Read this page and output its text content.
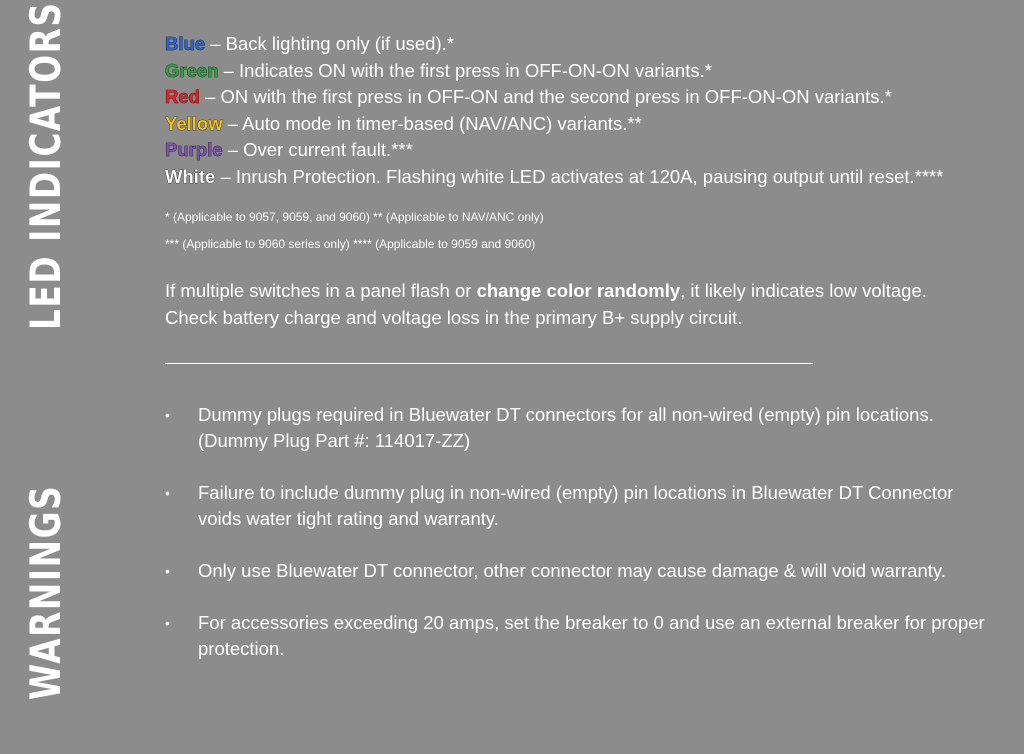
LED INDICATORS
WARNINGS
Blue – Back lighting only (if used).*
Green – Indicates ON with the first press in OFF-ON-ON variants.*
Red – ON with the first press in OFF-ON and the second press in OFF-ON-ON variants.*
Yellow – Auto mode in timer-based (NAV/ANC) variants.**
Purple – Over current fault.***
White – Inrush Protection. Flashing white LED activates at 120A, pausing output until reset.****
* (Applicable to 9057, 9059, and 9060) ** (Applicable to NAV/ANC only)
*** (Applicable to 9060 series only) **** (Applicable to 9059 and 9060)
If multiple switches in a panel flash or change color randomly, it likely indicates low voltage. Check battery charge and voltage loss in the primary B+ supply circuit.
• Dummy plugs required in Bluewater DT connectors for all non-wired (empty) pin locations. (Dummy Plug Part #: 114017-ZZ)
• Failure to include dummy plug in non-wired (empty) pin locations in Bluewater DT Connector voids water tight rating and warranty.
• Only use Bluewater DT connector, other connector may cause damage & will void warranty.
• For accessories exceeding 20 amps, set the breaker to 0 and use an external breaker for proper protection.
